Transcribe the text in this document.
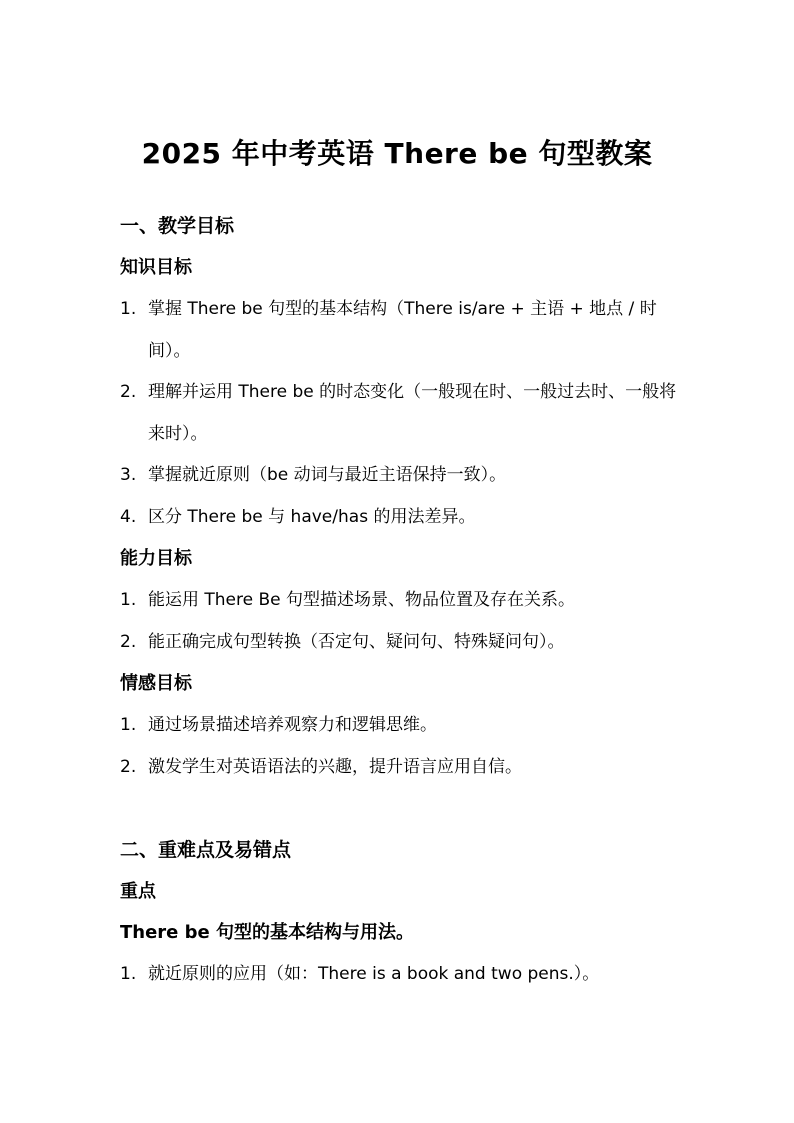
2025 年中考英语 There be 句型教案
一、教学目标
知识目标
1. 掌握 There be 句型的基本结构（There is/are + 主语 + 地点 / 时间）。
2. 理解并运用 There be 的时态变化（一般现在时、一般过去时、一般将来时）。
3. 掌握就近原则（be 动词与最近主语保持一致）。
4. 区分 There be 与 have/has 的用法差异。
能力目标
1. 能运用 There Be 句型描述场景、物品位置及存在关系。
2. 能正确完成句型转换（否定句、疑问句、特殊疑问句）。
情感目标
1. 通过场景描述培养观察力和逻辑思维。
2. 激发学生对英语语法的兴趣，提升语言应用自信。
二、重难点及易错点
重点
There be 句型的基本结构与用法。
1. 就近原则的应用（如：There is a book and two pens.）。
